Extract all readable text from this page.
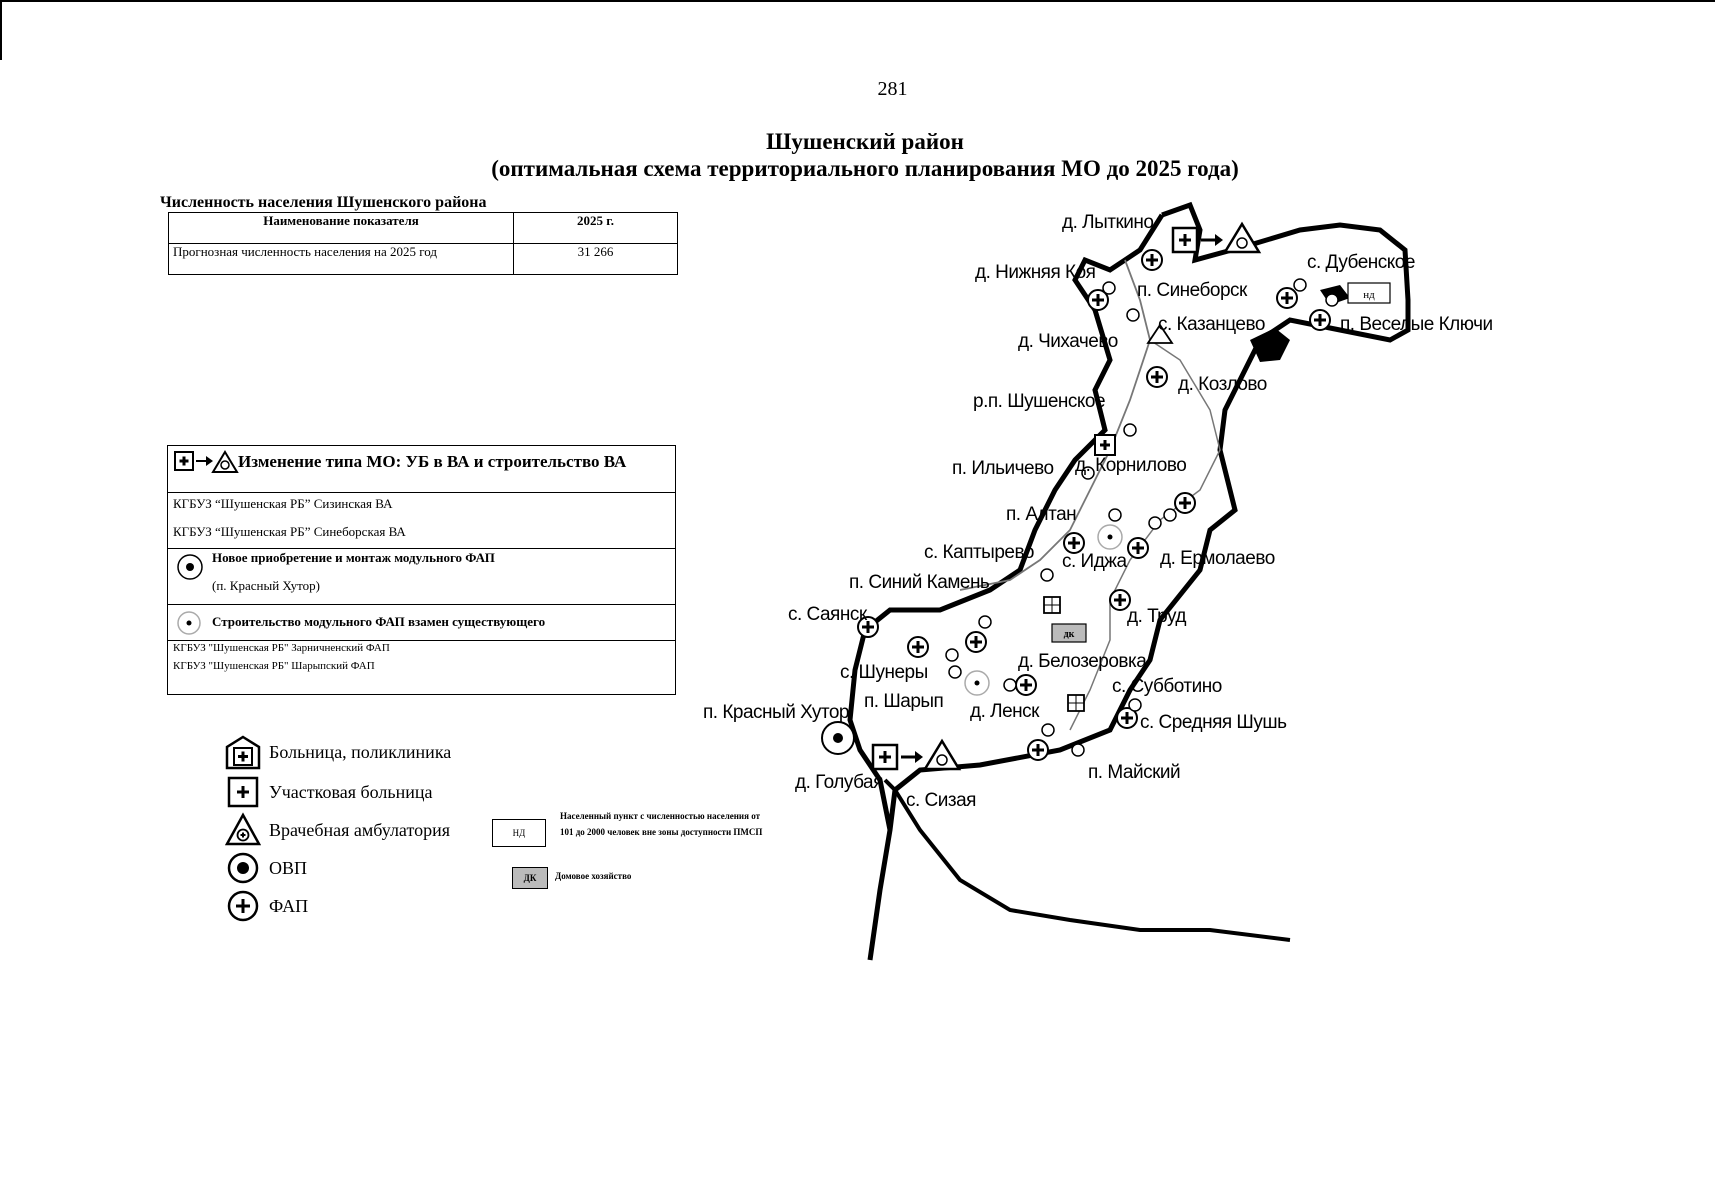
281
Шушенский район
(оптимальная схема территориального планирования МО до 2025 года)
Численность населения Шушенского района
Наименование показателя	2025 г.
Прогнозная численность населения на 2025 год	31 266
Изменение типа МО: УБ в ВА и строительство ВА
КГБУЗ “Шушенская РБ” Сизинская ВА
КГБУЗ “Шушенская РБ” Синеборская ВА
Новое приобретение и монтаж модульного ФАП
(п. Красный Хутор)
Строительство модульного ФАП взамен существующего
КГБУЗ "Шушенская РБ" Зарничненский ФАП
КГБУЗ "Шушенская РБ" Шарыпский ФАП
Больница, поликлиника
Участковая больница
Врачебная амбулатория
ОВП
ФАП
НД
Населенный пункт с численностью населения от 101 до 2000 человек вне зоны доступности ПМСП
ДК	Домовое хозяйство
нд
дк
д. Лыткино
д. Нижняя Коя	с. Дубенское
п. Синеборск
с. Казанцево	п. Веселые Ключи
д. Чихачево
д. Козлово
р.п. Шушенское
п. Ильичево д. Корнилово
п. Алтан
с. Каптырево с. Иджа д. Ермолаево
п. Синий Камень
с. Саянск	д. Труд
д. Белозеровка
с. Шунеры
п. Шарып д. Ленск
с. Субботино
п. Красный Хутор	с. Средняя Шушь
д. Голубая	п. Майский
с. Сизая
